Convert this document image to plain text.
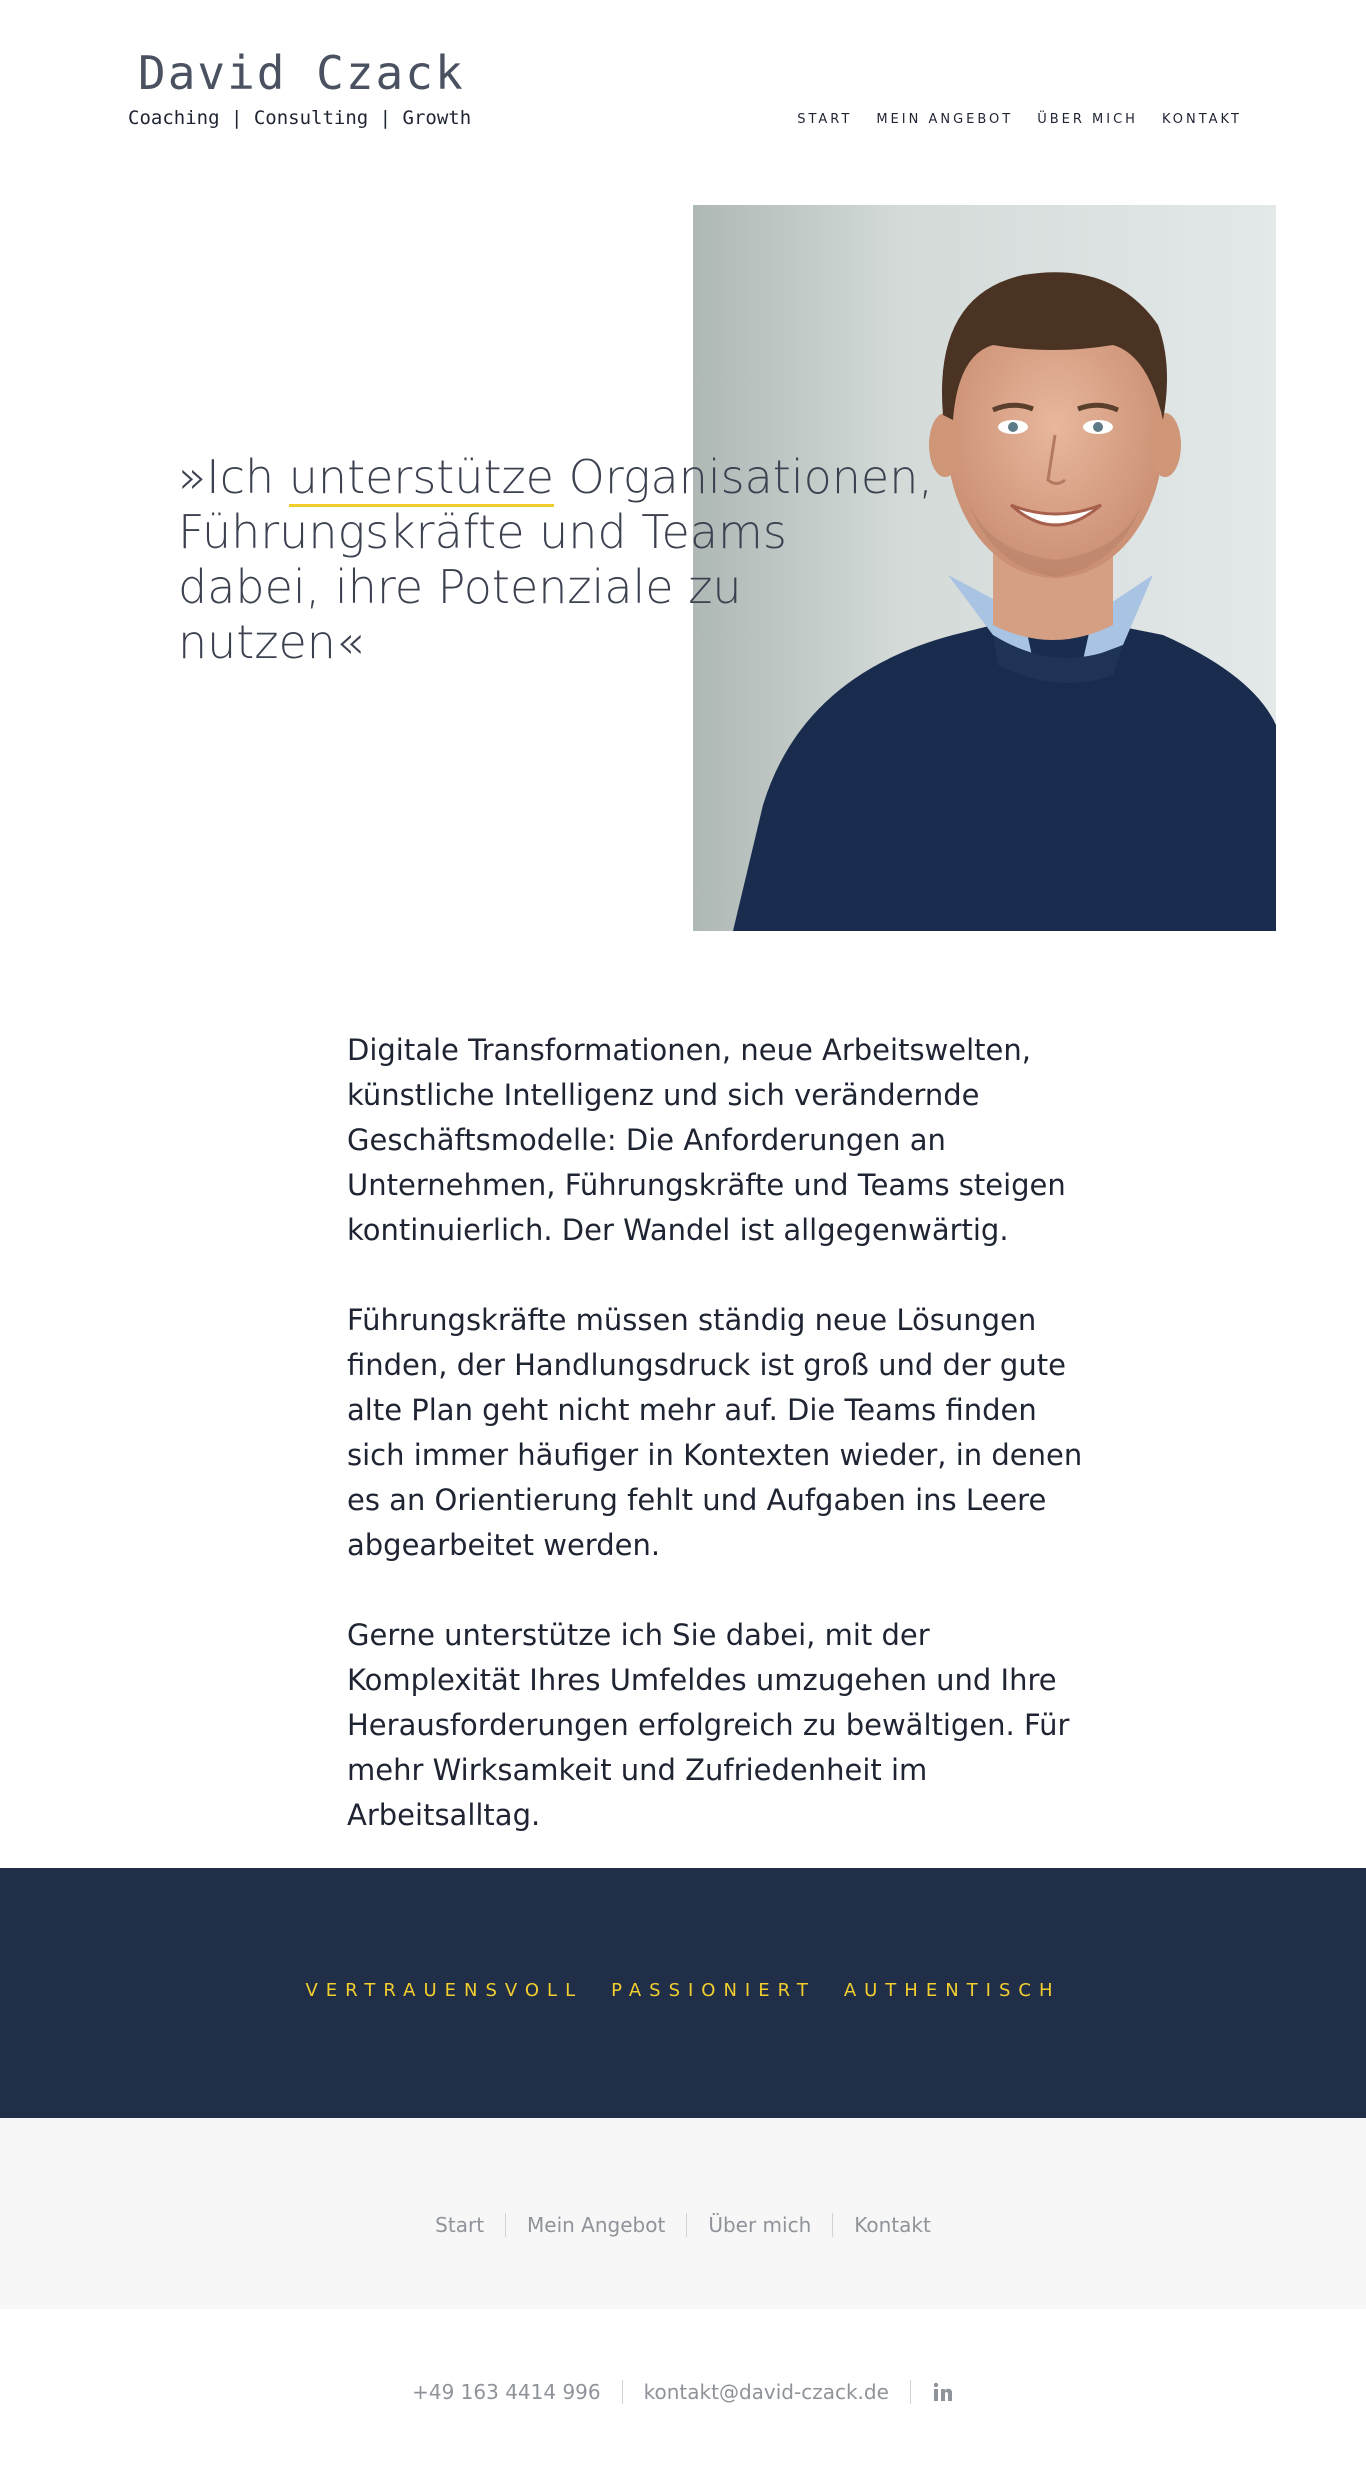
David Czack
Coaching | Consulting | Growth	START MEIN ANGEBOT ÜBER MICH KONTAKT
»Ich unterstütze Organisationen, Führungskräfte und Teams dabei, ihre Potenziale zu nutzen«

Digitale Transformationen, neue Arbeitswelten, künstliche Intelligenz und sich verändernde Geschäftsmodelle: Die Anforderungen an Unternehmen, Führungskräfte und Teams steigen kontinuierlich. Der Wandel ist allgegenwärtig.

Führungskräfte müssen ständig neue Lösungen finden, der Handlungsdruck ist groß und der gute alte Plan geht nicht mehr auf. Die Teams finden sich immer häufiger in Kontexten wieder, in denen es an Orientierung fehlt und Aufgaben ins Leere abgearbeitet werden.

Gerne unterstütze ich Sie dabei, mit der Komplexität Ihres Umfeldes umzugehen und Ihre Herausforderungen erfolgreich zu bewältigen. Für mehr Wirksamkeit und Zufriedenheit im Arbeitsalltag.

VERTRAUENSVOLL PASSIONIERT AUTHENTISCH
Start Mein Angebot Über mich Kontakt
+49 163 4414 996 kontakt@david-czack.de
